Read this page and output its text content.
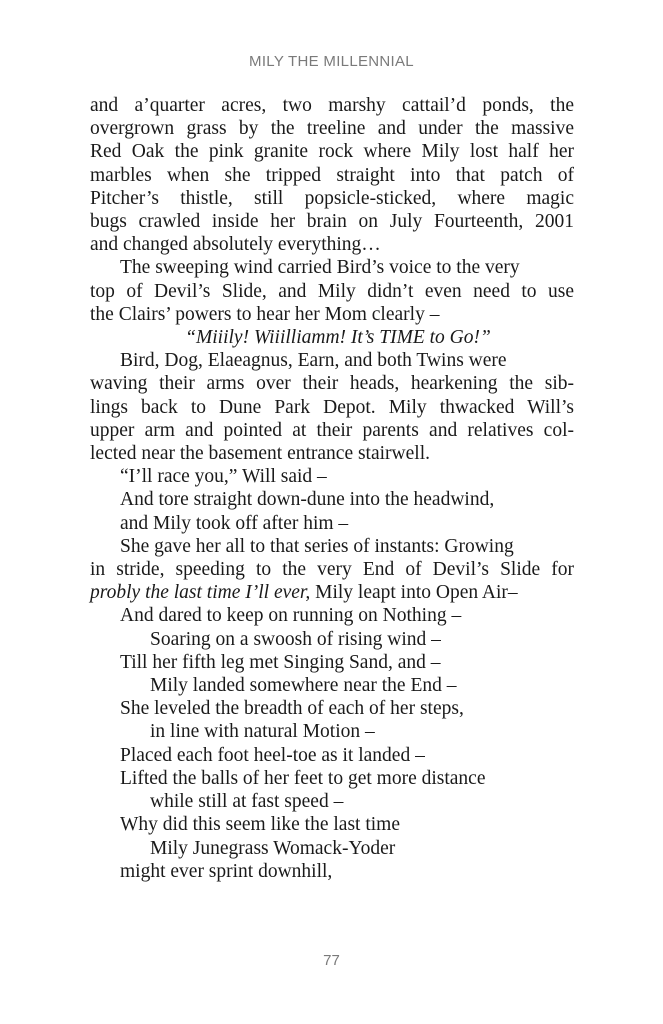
MILY THE MILLENNIAL
and a’quarter acres, two marshy cattail’d ponds, the
overgrown grass by the treeline and under the massive
Red Oak the pink granite rock where Mily lost half her
marbles when she tripped straight into that patch of
Pitcher’s thistle, still popsicle-sticked, where magic
bugs crawled inside her brain on July Fourteenth, 2001
and changed absolutely everything…
The sweeping wind carried Bird’s voice to the very
top of Devil’s Slide, and Mily didn’t even need to use
the Clairs’ powers to hear her Mom clearly –
“Miiily! Wiiilliamm! It’s TIME to Go!”
Bird, Dog, Elaeagnus, Earn, and both Twins were
waving their arms over their heads, hearkening the sib-
lings back to Dune Park Depot. Mily thwacked Will’s
upper arm and pointed at their parents and relatives col-
lected near the basement entrance stairwell.
“I’ll race you,” Will said –
And tore straight down-dune into the headwind,
and Mily took off after him –
She gave her all to that series of instants: Growing
in stride, speeding to the very End of Devil’s Slide for
probly the last time I’ll ever, Mily leapt into Open Air–
And dared to keep on running on Nothing –
Soaring on a swoosh of rising wind –
Till her fifth leg met Singing Sand, and –
Mily landed somewhere near the End –
She leveled the breadth of each of her steps,
in line with natural Motion –
Placed each foot heel-toe as it landed –
Lifted the balls of her feet to get more distance
while still at fast speed –
Why did this seem like the last time
Mily Junegrass Womack-Yoder
might ever sprint downhill,
77
